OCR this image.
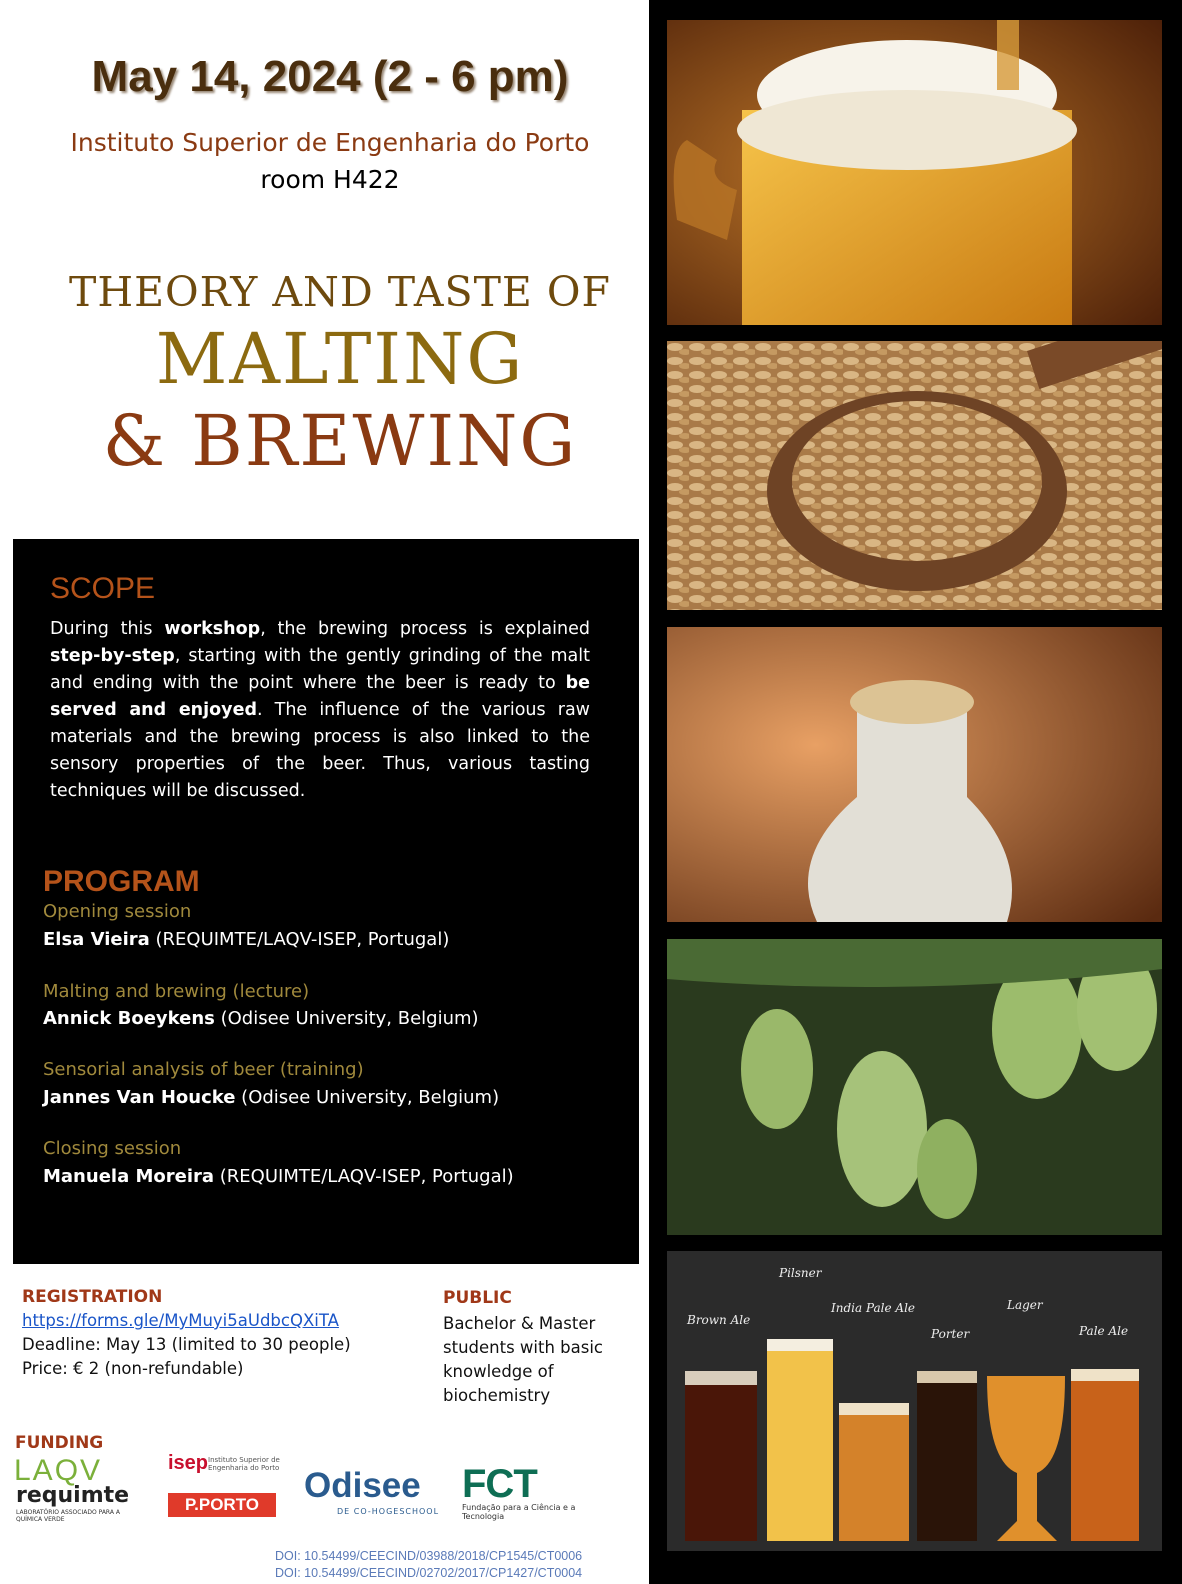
May 14, 2024 (2 - 6 pm)
Instituto Superior de Engenharia do Porto
room H422
THEORY AND TASTE OF
MALTING
& BREWING
SCOPE
During this workshop, the brewing process is explained step-by-step, starting with the gently grinding of the malt and ending with the point where the beer is ready to be served and enjoyed. The influence of the various raw materials and the brewing process is also linked to the sensory properties of the beer. Thus, various tasting techniques will be discussed.
PROGRAM
Opening session
Elsa Vieira (REQUIMTE/LAQV-ISEP, Portugal)
Malting and brewing (lecture)
Annick Boeykens (Odisee University, Belgium)
Sensorial analysis of beer (training)
Jannes Van Houcke (Odisee University, Belgium)
Closing session
Manuela Moreira (REQUIMTE/LAQV-ISEP, Portugal)
REGISTRATION
https://forms.gle/MyMuyi5aUdbcQXiTA
Deadline: May 13 (limited to 30 people)
Price: € 2 (non-refundable)
PUBLIC
Bachelor & Master students with basic knowledge of biochemistry
FUNDING
LAQV
requimte
LABORATÓRIO ASSOCIADO PARA A QUÍMICA VERDE
isep Instituto Superior de Engenharia do Porto
P.PORTO	Odisee
DE CO-HOGESCHOOL
FCT
Fundação para a Ciência e a Tecnologia
DOI: 10.54499/CEECIND/03988/2018/CP1545/CT0006
DOI: 10.54499/CEECIND/02702/2017/CP1427/CT0004
Brown Ale
Pilsner
India Pale Ale
Porter
Lager
Pale Ale
